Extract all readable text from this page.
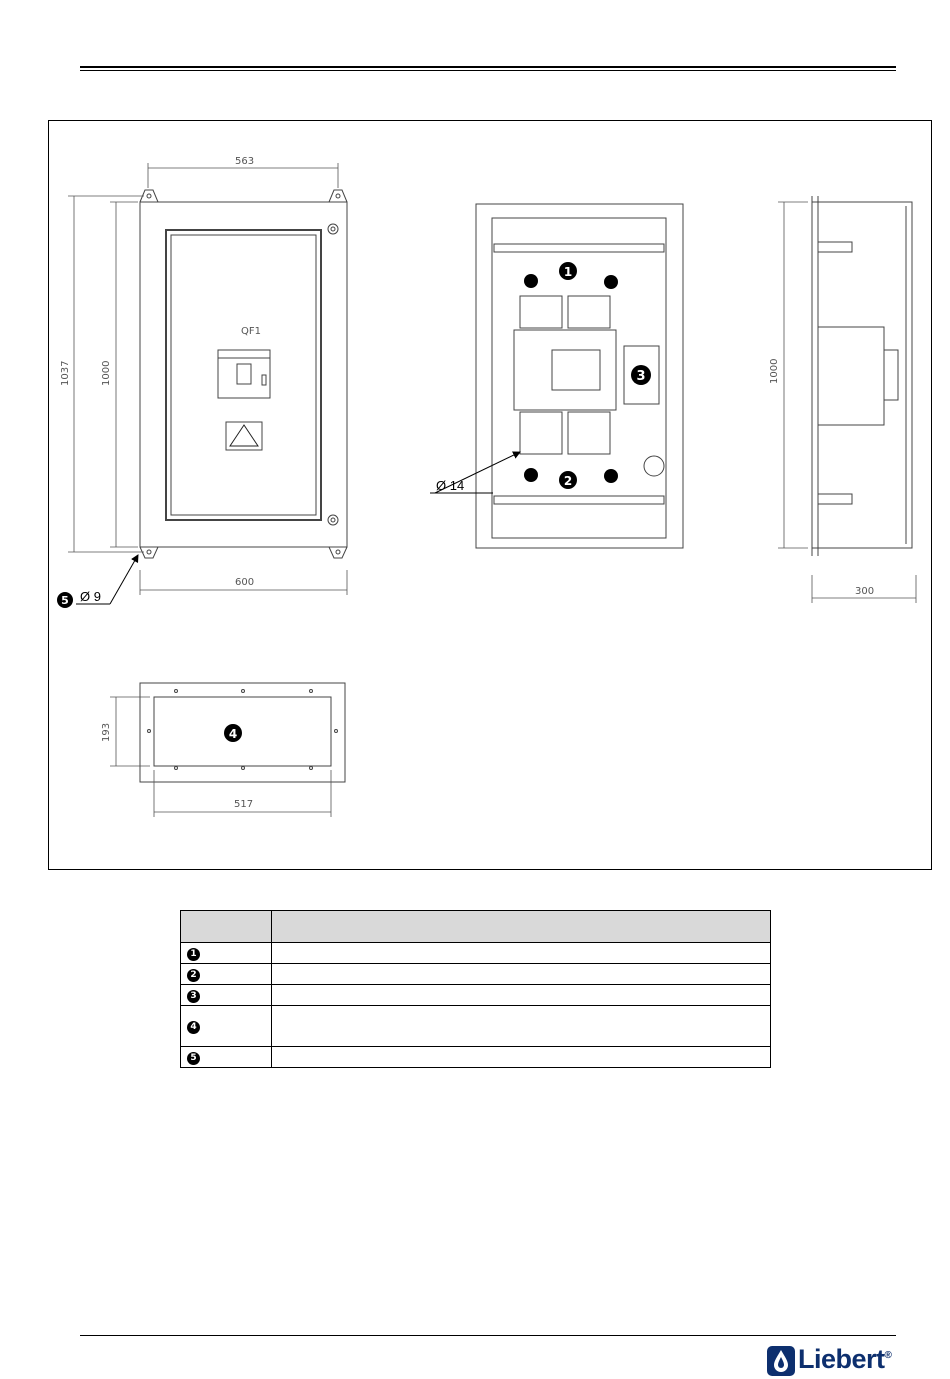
QF1
563
600
1037	1000
5 Ø 9
1
2
3
Ø 14
1000
300
4
193
517

1	
2	
3	
4	
5	
Liebert®
